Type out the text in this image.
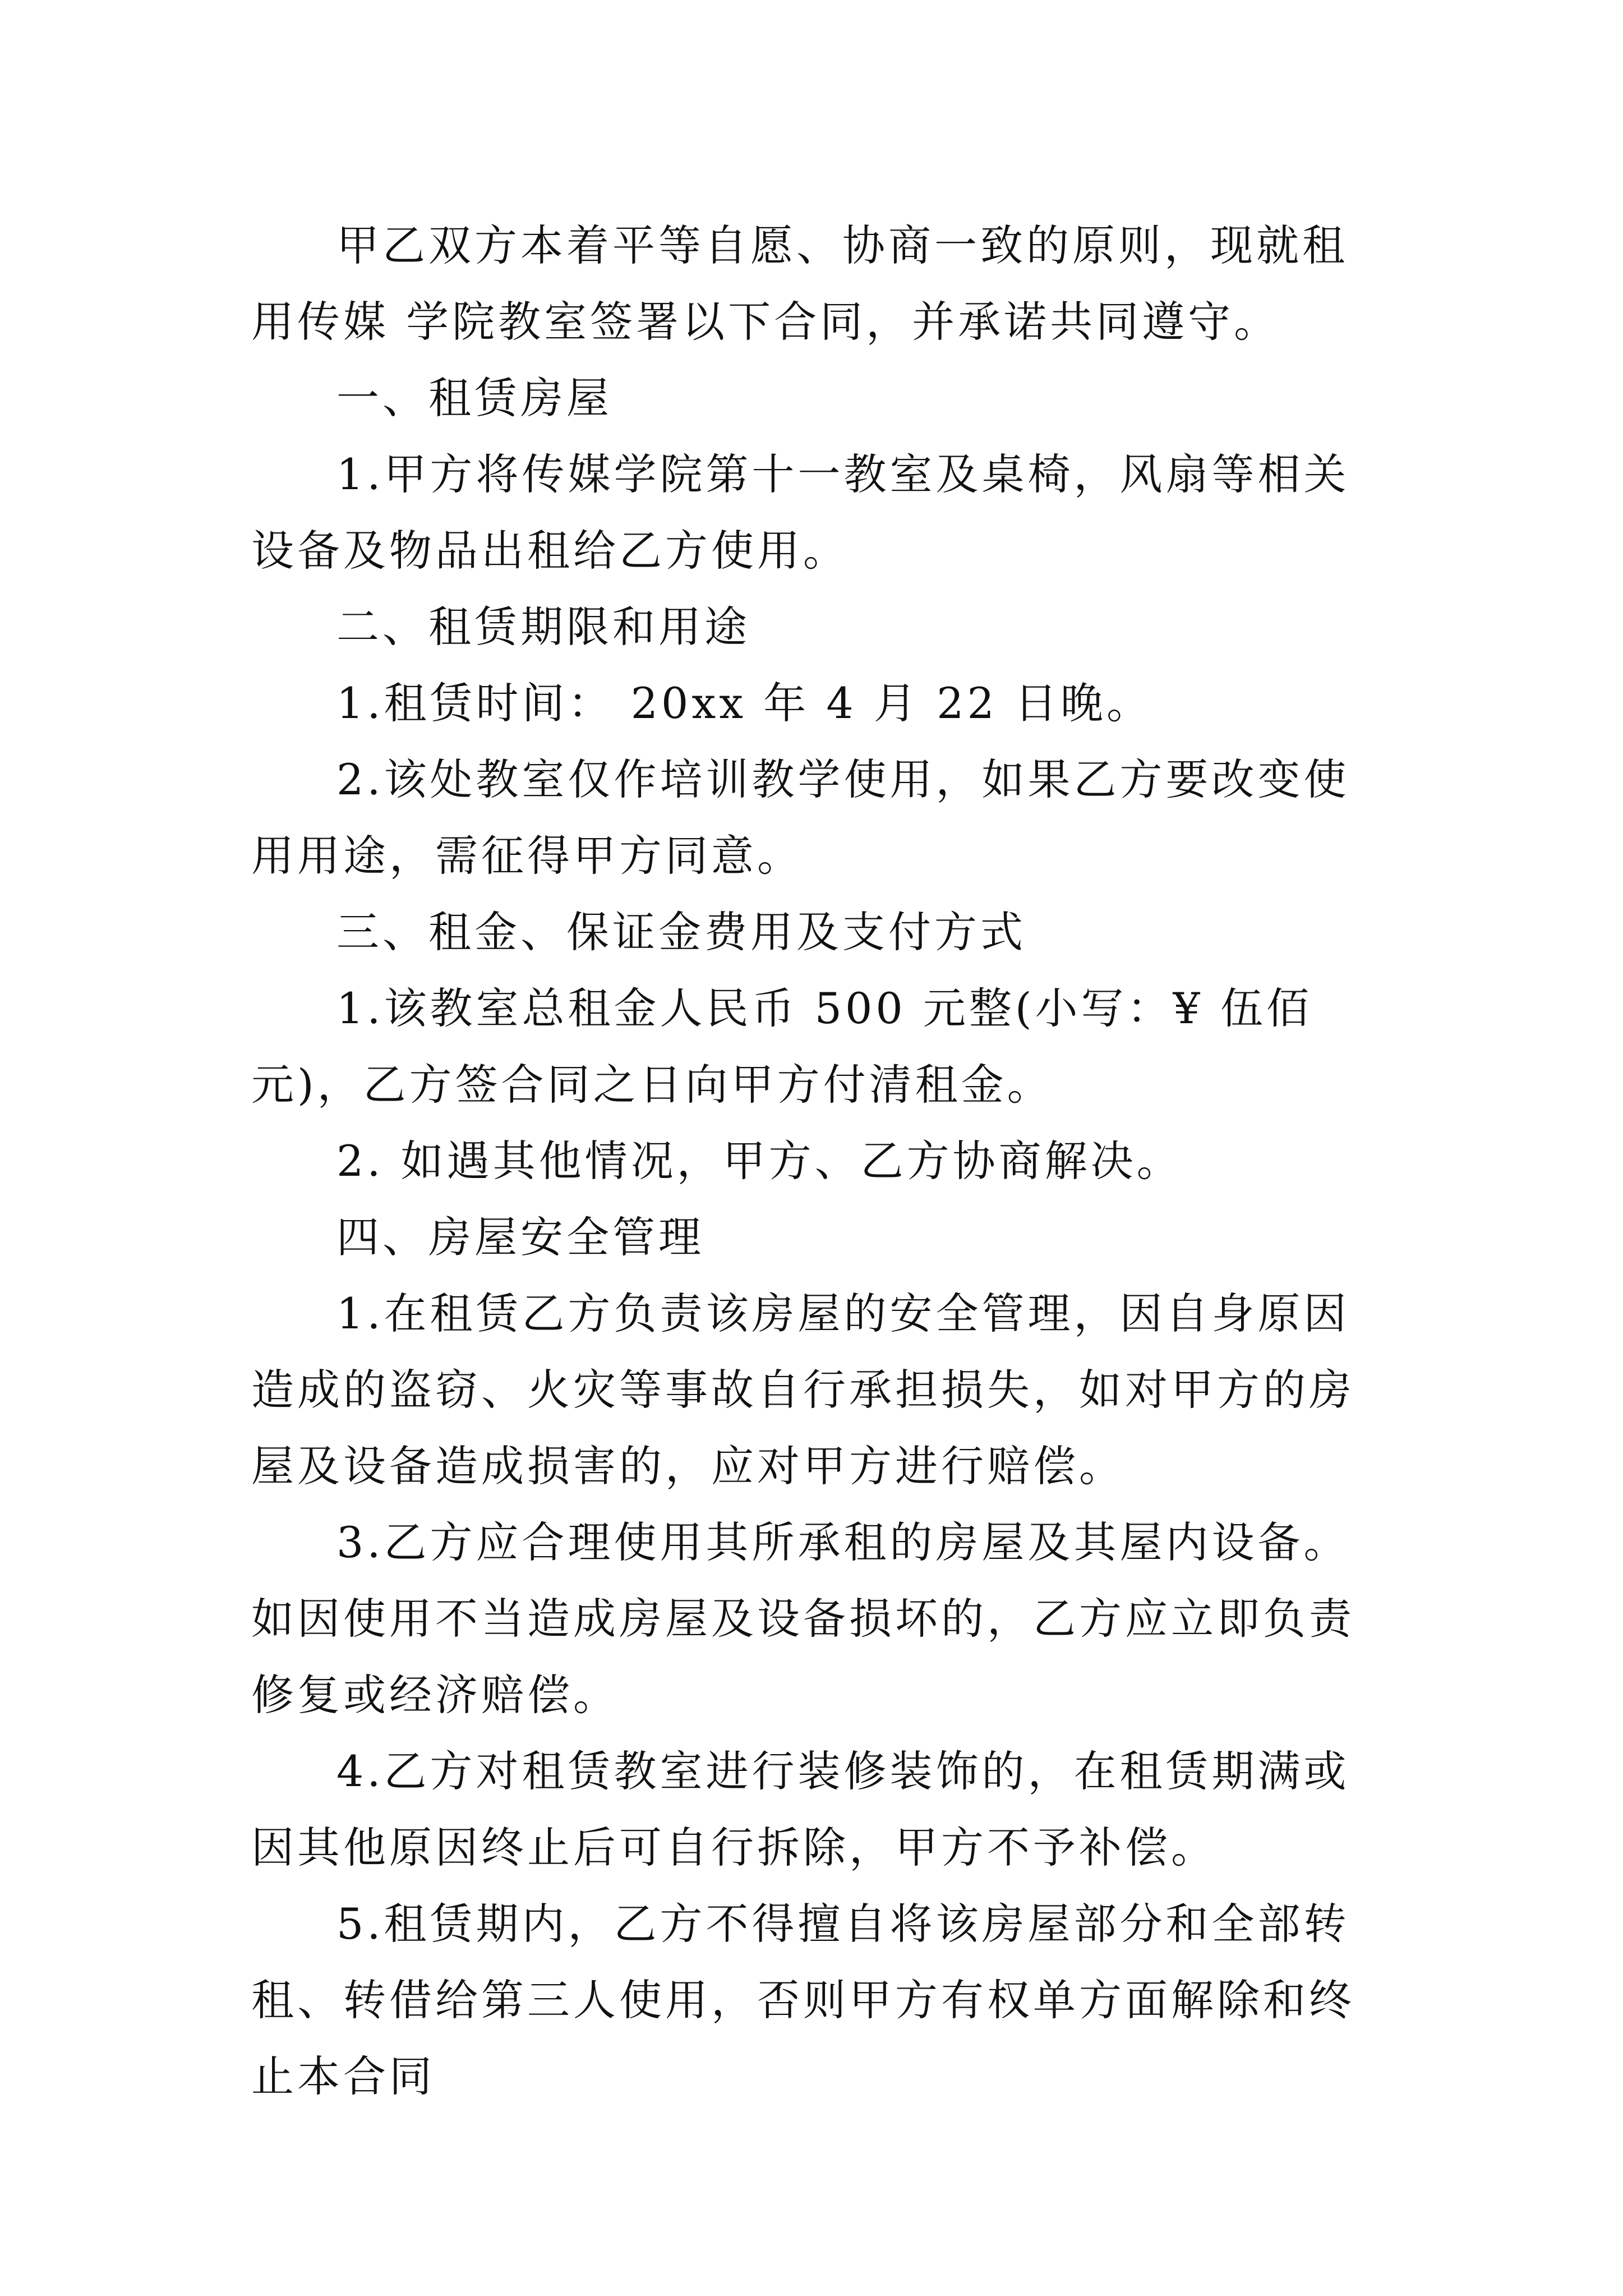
甲乙双方本着平等自愿、协商一致的原则，现就租用传媒 学院教室签署以下合同，并承诺共同遵守。

一、租赁房屋

1.甲方将传媒学院第十一教室及桌椅，风扇等相关设备及物品出租给乙方使用。

二、租赁期限和用途

1.租赁时间： 20xx 年 4 月 22 日晚。

2.该处教室仅作培训教学使用，如果乙方要改变使用用途，需征得甲方同意。

三、租金、保证金费用及支付方式

1.该教室总租金人民币 500 元整(小写：¥ 伍佰 元)，乙方签合同之日向甲方付清租金。

2. 如遇其他情况，甲方、乙方协商解决。

四、房屋安全管理

1.在租赁乙方负责该房屋的安全管理，因自身原因造成的盗窃、火灾等事故自行承担损失，如对甲方的房屋及设备造成损害的，应对甲方进行赔偿。

3.乙方应合理使用其所承租的房屋及其屋内设备。如因使用不当造成房屋及设备损坏的，乙方应立即负责修复或经济赔偿。

4.乙方对租赁教室进行装修装饰的，在租赁期满或因其他原因终止后可自行拆除，甲方不予补偿。

5.租赁期内，乙方不得擅自将该房屋部分和全部转租、转借给第三人使用，否则甲方有权单方面解除和终止本合同
